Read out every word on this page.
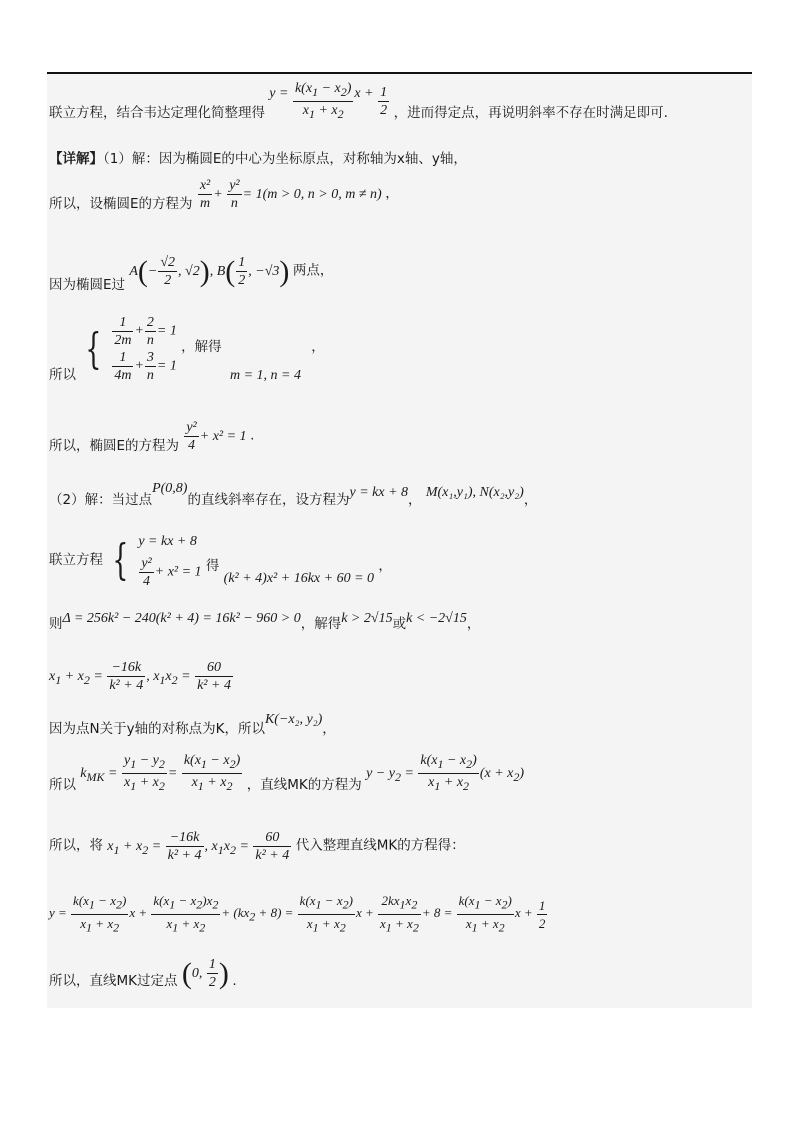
联立方程，结合韦达定理化简整理得 $y = \frac{k(x_1 - x_2)}{x_1 + x_2}$ $x + \frac{1}{2}$ ，进而得定点，再说明斜率不存在时满足即可.
【详解】（1）解：因为椭圆E的中心为坐标原点，对称轴为x轴、y轴，
所以，设椭圆E的方程为 $\frac{\text{x²}}{m} + \frac{\text{y²}}{n} = 1(m > 0$, n > 0, m ≠ n) ，
因为椭圆E过 $A(- \frac{√2}{2}$ , √2), $B( \frac{1}{2}$ , −√3) 两点，
所以 { $\frac{1}{2m} + \frac{2}{n} = 1$
$\frac{1}{4m} + \frac{3}{n} = 1$
，解得 m = 1, n = 4 ，
所以，椭圆E的方程为 $\frac{\text{y²}}{4} + x^2 = 1$ .
（2）解：当过点P(0,8)的直线斜率存在，设方程为y = kx + 8， M(x₁,y₁), N(x₂,y₂)，
联立方程 { y = kx + 8
$\frac{\text{y²}}{4} + x^2 = 1$ 得 (k² + 4)x² + 16kx + 60 = 0 ，
则Δ = 256k² − 240(k² + 4) = 16k² − 960 > 0，解得k > 2√15或k < −2√15，
$x_1 + x_2 = \frac{-16k}{\text{k² + 4}}$ , $x_1x_2 = \frac{60}{\text{k² + 4}}$
因为点N关于y轴的对称点为K，所以K(−x₂, y₂)，
所以 $k_{MK} = \frac{y_1 - y_2}{x_1 + x_2} = \frac{k(x_1 - x_2)}{x_1 + x_2}$ ，直线MK的方程为 $y - y_2 = \frac{k(x_1 - x_2)}{x_1 + x_2} (x + x_2)$
所以，将 $x_1 + x_2 = \frac{-16k}{\text{k² + 4}}$ , $x_1x_2 = \frac{60}{\text{k² + 4}}$ 代入整理直线MK的方程得：
$y = \frac{k(x_1 - x_2)}{x_1 + x_2}$ $x + \frac{k(x_1 - x_2)x_2}{x_1 + x_2} + (kx_2 + 8) = \frac{k(x_1 - x_2)}{x_1 + x_2}$ $x + \frac{2kx_1x_2}{x_1 + x_2} + 8 = \frac{k(x_1 - x_2)}{x_1 + x_2}$ $x + \frac{1}{2}$
所以，直线MK过定点 (0, $\frac{1}{2}$ ) .
